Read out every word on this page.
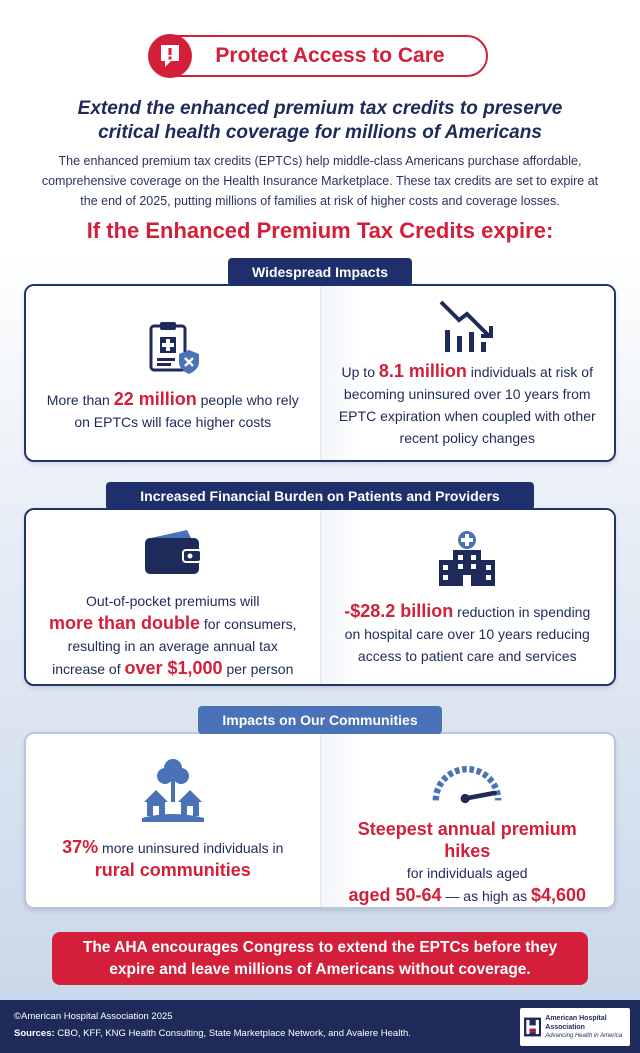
Protect Access to Care
Extend the enhanced premium tax credits to preserve
critical health coverage for millions of Americans
The enhanced premium tax credits (EPTCs) help middle-class Americans purchase affordable, comprehensive coverage on the Health Insurance Marketplace. These tax credits are set to expire at the end of 2025, putting millions of families at risk of higher costs and coverage losses.
If the Enhanced Premium Tax Credits expire:
Widespread Impacts
More than 22 million people who rely on EPTCs will face higher costs
Up to 8.1 million individuals at risk of becoming uninsured over 10 years from EPTC expiration when coupled with other recent policy changes
Increased Financial Burden on Patients and Providers
Out-of-pocket premiums will
more than double for consumers, resulting in an average annual tax increase of over $1,000 per person
-$28.2 billion reduction in spending on hospital care over 10 years reducing access to patient care and services
Impacts on Our Communities
37% more uninsured individuals in
rural communities
Steepest annual premium hikes
for individuals aged
aged 50-64 — as high as $4,600
The AHA encourages Congress to extend the EPTCs before they expire and leave millions of Americans without coverage.
©American Hospital Association 2025
Sources: CBO, KFF, KNG Health Consulting, State Marketplace Network, and Avalere Health.
American Hospital Association
Advancing Health in America
